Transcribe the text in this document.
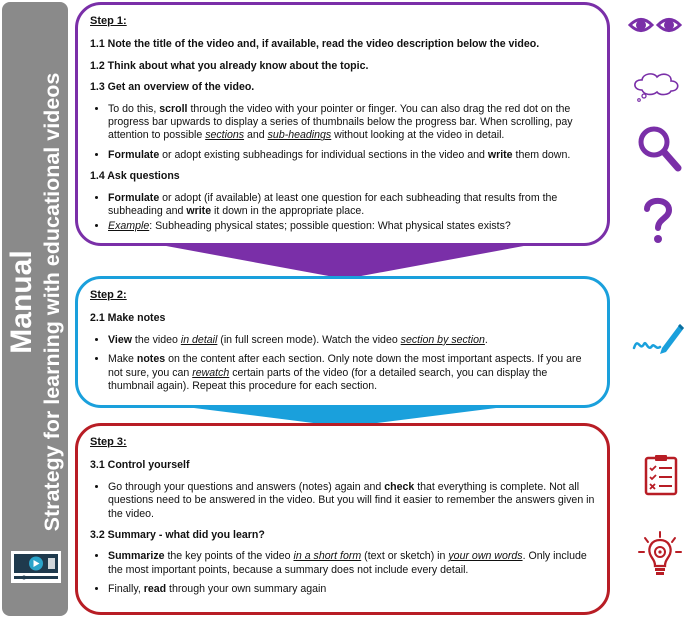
Manual Strategy for learning with educational videos
Step 1:
1.1 Note the title of the video and, if available, read the video description below the video.
1.2 Think about what you already know about the topic.
1.3 Get an overview of the video.
• To do this, scroll through the video with your pointer or finger. You can also drag the red dot on the progress bar upwards to display a series of thumbnails below the progress bar. When scrolling, pay attention to possible sections and sub-headings without looking at the video in detail.
• Formulate or adopt existing subheadings for individual sections in the video and write them down.
1.4 Ask questions
• Formulate or adopt (if available) at least one question for each subheading that results from the subheading and write it down in the appropriate place.
• Example: Subheading physical states; possible question: What physical states exists?
Step 2:
2.1 Make notes
• View the video in detail (in full screen mode). Watch the video section by section.
• Make notes on the content after each section. Only note down the most important aspects. If you are not sure, you can rewatch certain parts of the video (for a detailed search, you can display the thumbnail again). Repeat this procedure for each section.
Step 3:
3.1 Control yourself
• Go through your questions and answers (notes) again and check that everything is complete. Not all questions need to be answered in the video. But you will find it easier to remember the answers given in the video.
3.2 Summary - what did you learn?
• Summarize the key points of the video in a short form (text or sketch) in your own words. Only include the most important points, because a summary does not include every detail.
• Finally, read through your own summary again
